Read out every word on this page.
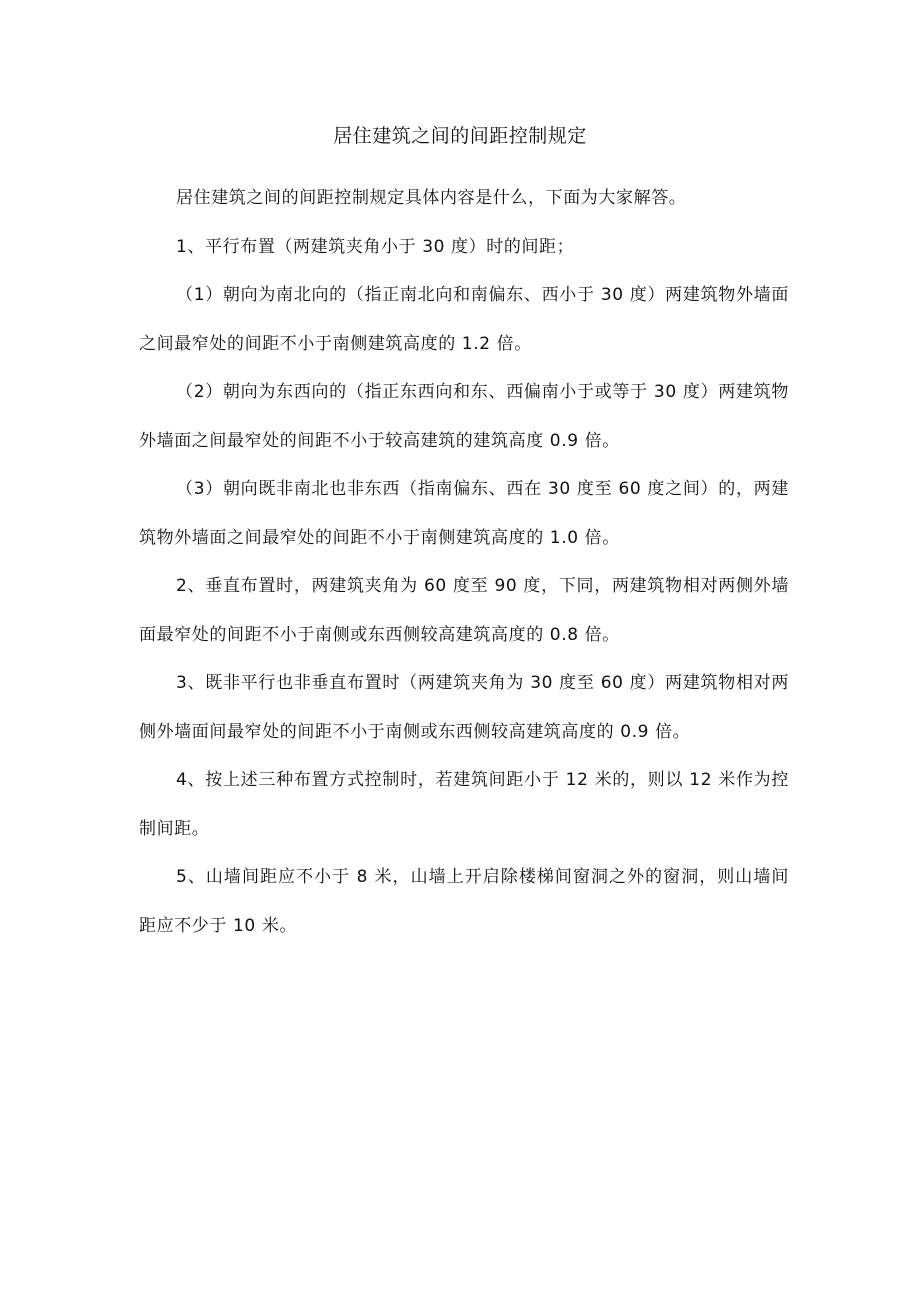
居住建筑之间的间距控制规定

居住建筑之间的间距控制规定具体内容是什么，下面为大家解答。

1、平行布置（两建筑夹角小于 30 度）时的间距；

（1）朝向为南北向的（指正南北向和南偏东、西小于 30 度）两建筑物外墙面之间最窄处的间距不小于南侧建筑高度的 1.2 倍。

（2）朝向为东西向的（指正东西向和东、西偏南小于或等于 30 度）两建筑物外墙面之间最窄处的间距不小于较高建筑的建筑高度 0.9 倍。

（3）朝向既非南北也非东西（指南偏东、西在 30 度至 60 度之间）的，两建筑物外墙面之间最窄处的间距不小于南侧建筑高度的 1.0 倍。

2、垂直布置时，两建筑夹角为 60 度至 90 度，下同，两建筑物相对两侧外墙面最窄处的间距不小于南侧或东西侧较高建筑高度的 0.8 倍。

3、既非平行也非垂直布置时（两建筑夹角为 30 度至 60 度）两建筑物相对两侧外墙面间最窄处的间距不小于南侧或东西侧较高建筑高度的 0.9 倍。

4、按上述三种布置方式控制时，若建筑间距小于 12 米的，则以 12 米作为控制间距。

5、山墙间距应不小于 8 米，山墙上开启除楼梯间窗洞之外的窗洞，则山墙间距应不少于 10 米。
